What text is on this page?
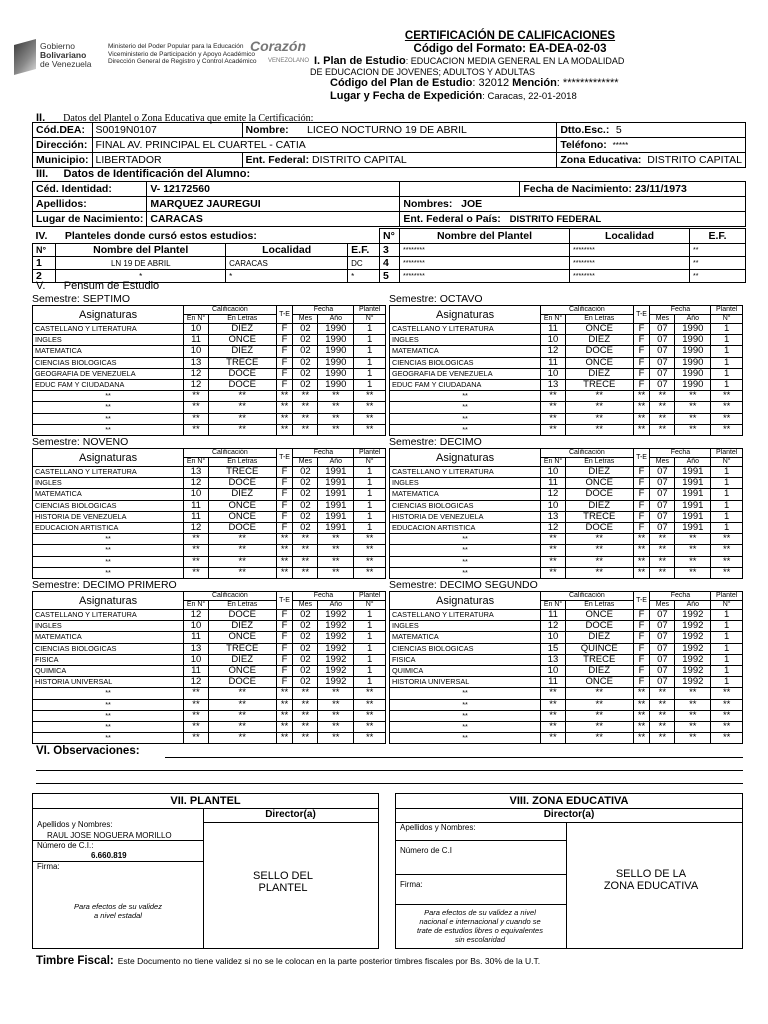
Gobierno
Bolivariano
de Venezuela
Ministerio del Poder Popular para la Educación
Viceministerio de Participación y Apoyo Académico
Dirección General de Registro y Control Académico
Corazón
VENEZOLANO
CERTIFICACIÓN DE CALIFICACIONES
Código del Formato: EA-DEA-02-03
I. Plan de Estudio: EDUCACION MEDIA GENERAL EN LA MODALIDAD
DE EDUCACION DE JOVENES; ADULTOS Y ADULTAS
Código del Plan de Estudio: 32012 Mención: *************
Lugar y Fecha de Expedición: Caracas, 22-01-2018
II. Datos del Plantel o Zona Educativa que emite la Certificación:
Cód.DEA:	S0019N0107	Nombre:	LICEO NOCTURNO 19 DE ABRIL	Dtto.Esc.:	5
Dirección:	FINAL AV. PRINCIPAL EL CUARTEL - CATIA			Teléfono: *****	
Municipio:	LIBERTADOR	Ent. Federal: DISTRITO CAPITAL		Zona Educativa: DISTRITO CAPITAL	
III. Datos de Identificación del Alumno:
Céd. Identidad:	V- 12172560		Fecha de Nacimiento: 23/11/1973
Apellidos:	MARQUEZ JAUREGUI	Nombres: JOE	
Lugar de Nacimiento:	CARACAS	Ent. Federal o País: DISTRITO FEDERAL	
IV. Planteles donde cursó estos estudios:				N°	Nombre del Plantel	Localidad	E.F.
N°	Nombre del Plantel	Localidad	E.F.	3	********	********	**
1	LN 19 DE ABRIL	CARACAS	DC	4	********	********	**
2	*	*	*	5	********	********	**
V. Pensum de Estudio
Semestre: SEPTIMO
Asignaturas	Calificación		T-E	Fecha		Plantel
	En N°	En Letras		Mes	Año	N°
CASTELLANO Y LITERATURA	10	DIEZ	F	02	1990	1
INGLES	11	ONCE	F	02	1990	1
MATEMATICA	10	DIEZ	F	02	1990	1
CIENCIAS BIOLOGICAS	13	TRECE	F	02	1990	1
GEOGRAFIA DE VENEZUELA	12	DOCE	F	02	1990	1
EDUC FAM Y CIUDADANA	12	DOCE	F	02	1990	1
**	**	**	**	**	**	**
**	**	**	**	**	**	**
**	**	**	**	**	**	**
**	**	**	**	**	**	**
Semestre: OCTAVO
Asignaturas	Calificación		T-E	Fecha		Plantel
	En N°	En Letras		Mes	Año	N°
CASTELLANO Y LITERATURA	11	ONCE	F	07	1990	1
INGLES	10	DIEZ	F	07	1990	1
MATEMATICA	12	DOCE	F	07	1990	1
CIENCIAS BIOLOGICAS	11	ONCE	F	07	1990	1
GEOGRAFIA DE VENEZUELA	10	DIEZ	F	07	1990	1
EDUC FAM Y CIUDADANA	13	TRECE	F	07	1990	1
**	**	**	**	**	**	**
**	**	**	**	**	**	**
**	**	**	**	**	**	**
**	**	**	**	**	**	**
Semestre: NOVENO
Asignaturas	Calificación		T-E	Fecha		Plantel
	En N°	En Letras		Mes	Año	N°
CASTELLANO Y LITERATURA	13	TRECE	F	02	1991	1
INGLES	12	DOCE	F	02	1991	1
MATEMATICA	10	DIEZ	F	02	1991	1
CIENCIAS BIOLOGICAS	11	ONCE	F	02	1991	1
HISTORIA DE VENEZUELA	11	ONCE	F	02	1991	1
EDUCACION ARTISTICA	12	DOCE	F	02	1991	1
**	**	**	**	**	**	**
**	**	**	**	**	**	**
**	**	**	**	**	**	**
**	**	**	**	**	**	**
Semestre: DECIMO
Asignaturas	Calificación		T-E	Fecha		Plantel
	En N°	En Letras		Mes	Año	N°
CASTELLANO Y LITERATURA	10	DIEZ	F	07	1991	1
INGLES	11	ONCE	F	07	1991	1
MATEMATICA	12	DOCE	F	07	1991	1
CIENCIAS BIOLOGICAS	10	DIEZ	F	07	1991	1
HISTORIA DE VENEZUELA	13	TRECE	F	07	1991	1
EDUCACION ARTISTICA	12	DOCE	F	07	1991	1
**	**	**	**	**	**	**
**	**	**	**	**	**	**
**	**	**	**	**	**	**
**	**	**	**	**	**	**
Semestre: DECIMO PRIMERO
Asignaturas	Calificación		T-E	Fecha		Plantel
	En N°	En Letras		Mes	Año	N°
CASTELLANO Y LITERATURA	12	DOCE	F	02	1992	1
INGLES	10	DIEZ	F	02	1992	1
MATEMATICA	11	ONCE	F	02	1992	1
CIENCIAS BIOLOGICAS	13	TRECE	F	02	1992	1
FISICA	10	DIEZ	F	02	1992	1
QUIMICA	11	ONCE	F	02	1992	1
HISTORIA UNIVERSAL	12	DOCE	F	02	1992	1
**	**	**	**	**	**	**
**	**	**	**	**	**	**
**	**	**	**	**	**	**
**	**	**	**	**	**	**
**	**	**	**	**	**	**
Semestre: DECIMO SEGUNDO
Asignaturas	Calificación		T-E	Fecha		Plantel
	En N°	En Letras		Mes	Año	N°
CASTELLANO Y LITERATURA	11	ONCE	F	07	1992	1
INGLES	12	DOCE	F	07	1992	1
MATEMATICA	10	DIEZ	F	07	1992	1
CIENCIAS BIOLOGICAS	15	QUINCE	F	07	1992	1
FISICA	13	TRECE	F	07	1992	1
QUIMICA	10	DIEZ	F	07	1992	1
HISTORIA UNIVERSAL	11	ONCE	F	07	1992	1
**	**	**	**	**	**	**
**	**	**	**	**	**	**
**	**	**	**	**	**	**
**	**	**	**	**	**	**
**	**	**	**	**	**	**
VI. Observaciones:
VII. PLANTEL
Director(a)
Apellidos y Nombres:
RAUL JOSE NOGUERA MORILLO
Número de C.I.:
6.660.819
Firma:
SELLO DEL
PLANTEL
Para efectos de su validez
a nivel estadal
VIII. ZONA EDUCATIVA
Director(a)
Apellidos y Nombres:
Número de C.I
Firma:
SELLO DE LA
ZONA EDUCATIVA
Para efectos de su validez a nivel
nacional e internacional y cuando se
trate de estudios libres o equivalentes
sin escolaridad
Timbre Fiscal: Este Documento no tiene validez si no se le colocan en la parte posterior timbres fiscales por Bs. 30% de la U.T.
